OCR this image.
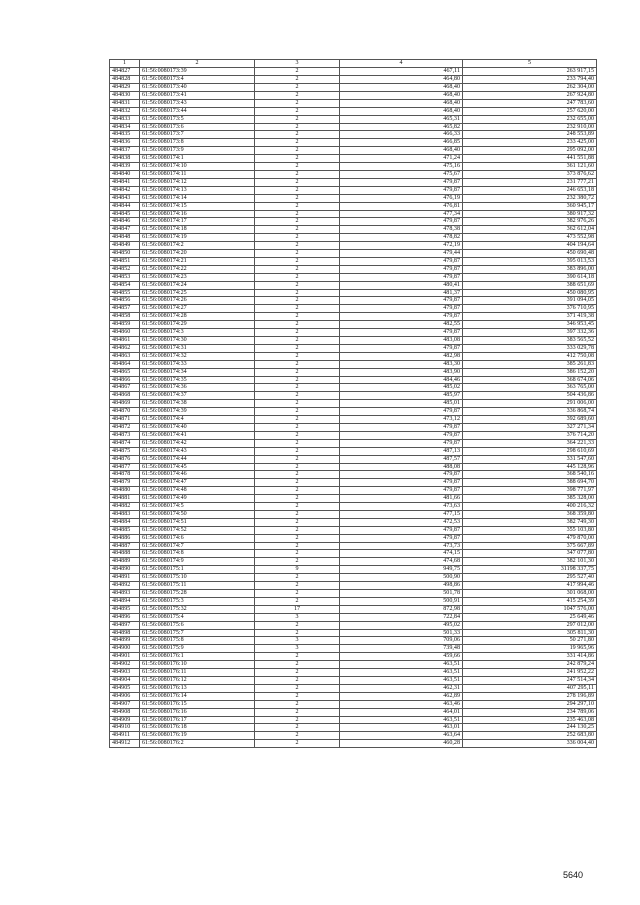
1	2	3	4	5
484827	61:56:0080173:39	2	467,11	263 917,15
484828	61:56:0080173:4	2	464,80	233 794,40
484829	61:56:0080173:40	2	468,40	262 304,00
484830	61:56:0080173:41	2	468,40	267 924,80
484831	61:56:0080173:43	2	468,40	247 783,60
484832	61:56:0080173:44	2	468,40	257 620,00
484833	61:56:0080173:5	2	465,31	232 655,00
484834	61:56:0080173:6	2	465,82	232 910,00
484835	61:56:0080173:7	2	466,33	248 553,89
484836	61:56:0080173:8	2	466,85	233 425,00
484837	61:56:0080173:9	2	468,40	295 092,00
484838	61:56:0080174:1	2	471,24	441 551,88
484839	61:56:0080174:10	2	475,16	361 121,60
484840	61:56:0080174:11	2	475,67	373 876,62
484841	61:56:0080174:12	2	479,87	231 777,21
484842	61:56:0080174:13	2	479,87	246 653,18
484843	61:56:0080174:14	2	476,19	232 380,72
484844	61:56:0080174:15	2	476,81	360 945,17
484845	61:56:0080174:16	2	477,34	380 917,32
484846	61:56:0080174:17	2	479,87	382 976,26
484847	61:56:0080174:18	2	478,38	362 612,04
484848	61:56:0080174:19	2	478,82	473 552,98
484849	61:56:0080174:2	2	472,19	404 194,64
484850	61:56:0080174:20	2	479,44	450 690,48
484851	61:56:0080174:21	2	479,87	395 013,53
484852	61:56:0080174:22	2	479,87	383 896,00
484853	61:56:0080174:23	2	479,87	390 614,18
484854	61:56:0080174:24	2	480,41	388 651,69
484855	61:56:0080174:25	2	481,37	450 080,95
484856	61:56:0080174:26	2	479,87	391 094,05
484857	61:56:0080174:27	2	479,87	376 710,95
484858	61:56:0080174:28	2	479,87	371 419,38
484859	61:56:0080174:29	2	482,55	346 953,45
484860	61:56:0080174:3	2	479,87	397 332,36
484861	61:56:0080174:30	2	483,08	383 565,52
484862	61:56:0080174:31	2	479,87	333 029,78
484863	61:56:0080174:32	2	482,98	412 750,08
484864	61:56:0080174:33	2	483,30	385 261,83
484865	61:56:0080174:34	2	483,90	386 152,20
484866	61:56:0080174:35	2	484,46	368 674,06
484867	61:56:0080174:36	2	485,02	363 765,00
484868	61:56:0080174:37	2	485,97	504 436,86
484869	61:56:0080174:38	2	485,01	291 006,00
484870	61:56:0080174:39	2	479,87	336 868,74
484871	61:56:0080174:4	2	473,12	392 689,60
484872	61:56:0080174:40	2	479,87	327 271,34
484873	61:56:0080174:41	2	479,87	376 714,20
484874	61:56:0080174:42	2	479,87	364 221,33
484875	61:56:0080174:43	2	487,13	298 610,69
484876	61:56:0080174:44	2	487,57	331 547,60
484877	61:56:0080174:45	2	488,08	445 128,96
484878	61:56:0080174:46	2	479,87	368 540,16
484879	61:56:0080174:47	2	479,87	388 694,70
484880	61:56:0080174:48	2	479,87	398 771,97
484881	61:56:0080174:49	2	481,66	385 328,00
484882	61:56:0080174:5	2	473,63	400 216,32
484883	61:56:0080174:50	2	477,15	368 359,80
484884	61:56:0080174:51	2	472,53	382 749,30
484885	61:56:0080174:52	2	479,87	355 103,80
484886	61:56:0080174:6	2	479,87	479 870,00
484887	61:56:0080174:7	2	473,73	375 667,89
484888	61:56:0080174:8	2	474,15	347 077,80
484889	61:56:0080174:9	2	474,68	382 101,30
484890	61:56:0080175:1	9	949,75	31198 337,75
484891	61:56:0080175:10	2	500,90	295 527,40
484892	61:56:0080175:11	2	498,86	417 994,46
484893	61:56:0080175:28	2	501,78	301 068,00
484894	61:56:0080175:3	2	500,91	415 254,39
484895	61:56:0080175:32	17	872,98	1047 576,00
484896	61:56:0080175:4	3	722,84	25 649,46
484897	61:56:0080175:6	2	495,02	297 012,00
484898	61:56:0080175:7	2	501,33	305 811,30
484899	61:56:0080175:8	3	709,06	50 271,80
484900	61:56:0080175:9	3	739,48	19 965,96
484901	61:56:0080176:1	2	459,66	331 414,86
484902	61:56:0080176:10	2	463,51	242 879,24
484903	61:56:0080176:11	2	463,51	241 952,22
484904	61:56:0080176:12	2	463,51	247 514,34
484905	61:56:0080176:13	2	462,31	407 295,11
484906	61:56:0080176:14	2	462,89	278 196,89
484907	61:56:0080176:15	2	463,46	294 297,10
484908	61:56:0080176:16	2	464,01	234 789,06
484909	61:56:0080176:17	2	463,51	235 463,08
484910	61:56:0080176:18	2	463,01	244 130,25
484911	61:56:0080176:19	2	463,64	252 683,80
484912	61:56:0080176:2	2	460,28	336 004,40
5640
